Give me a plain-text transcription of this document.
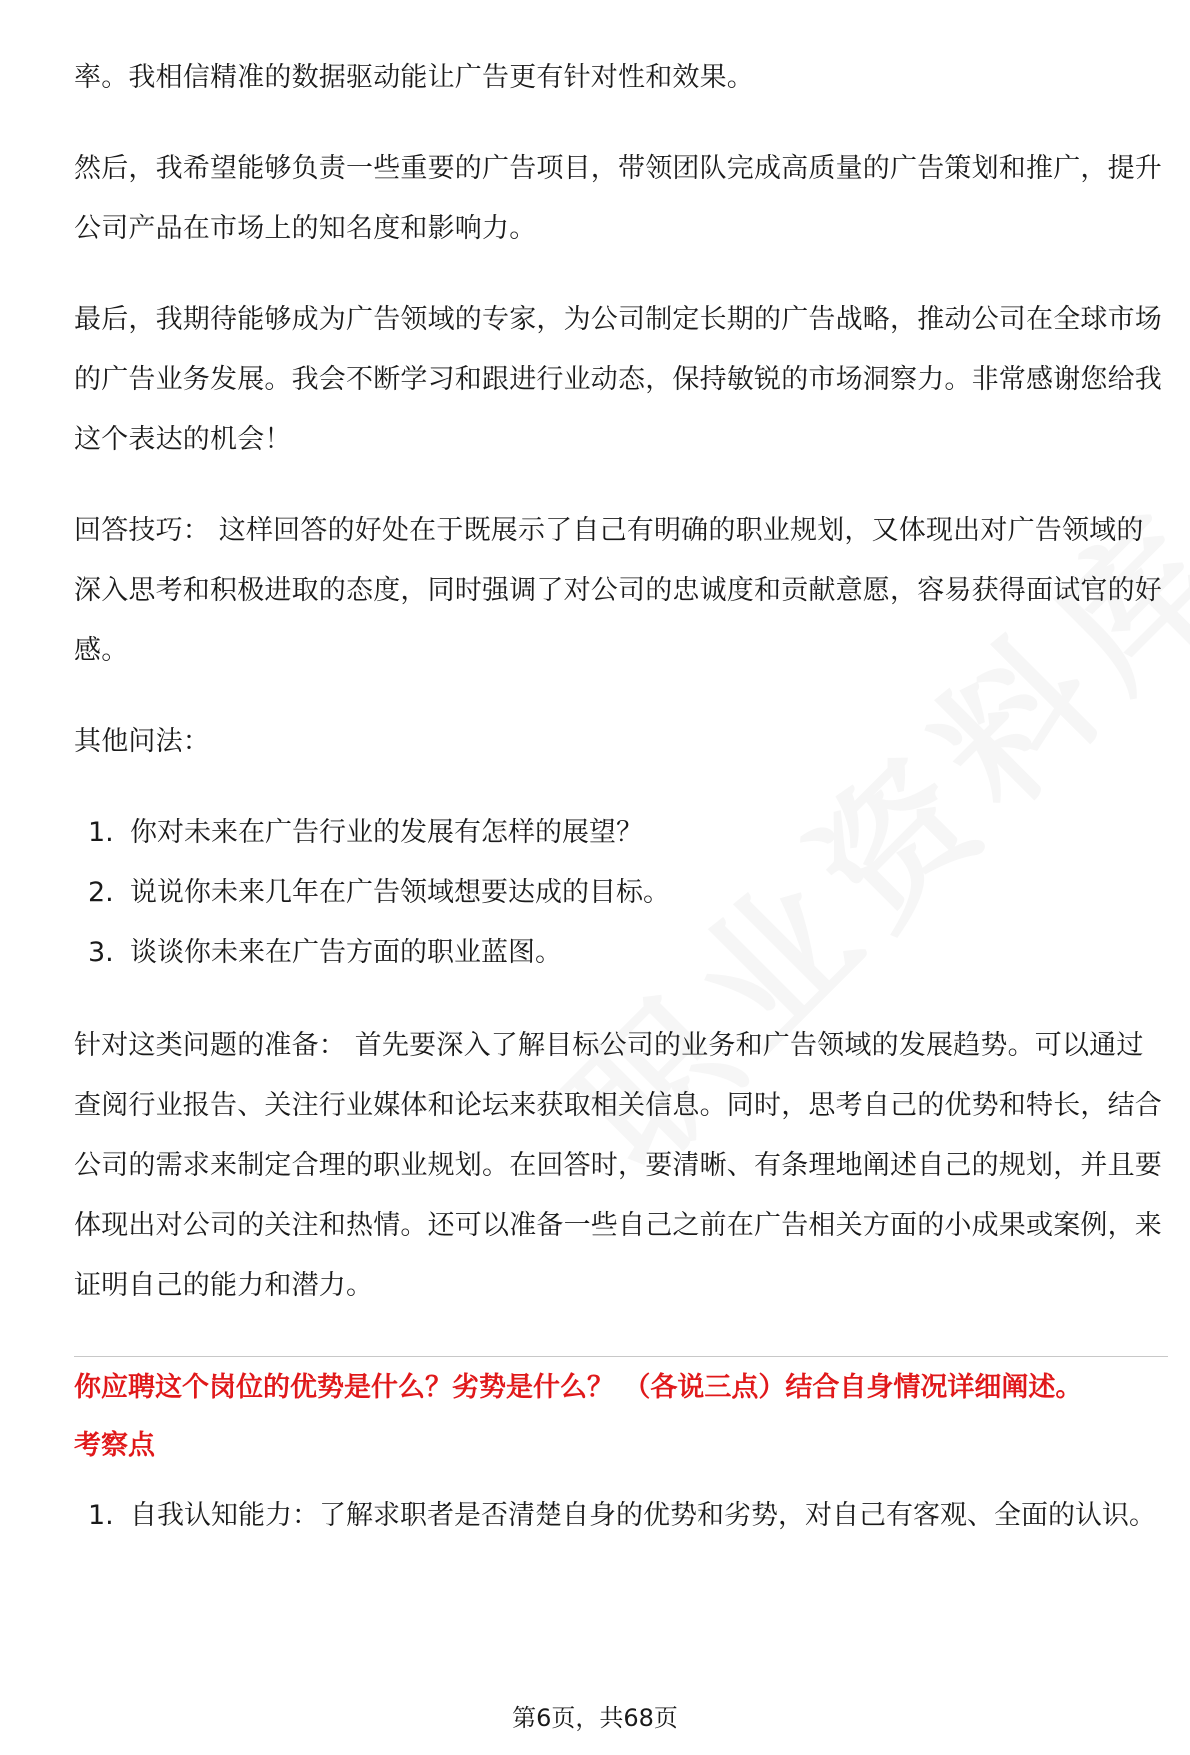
率。我相信精准的数据驱动能让广告更有针对性和效果。

然后，我希望能够负责一些重要的广告项目，带领团队完成高质量的广告策划和推广，提升公司产品在市场上的知名度和影响力。

最后，我期待能够成为广告领域的专家，为公司制定长期的广告战略，推动公司在全球市场的广告业务发展。我会不断学习和跟进行业动态，保持敏锐的市场洞察力。非常感谢您给我这个表达的机会！

回答技巧： 这样回答的好处在于既展示了自己有明确的职业规划，又体现出对广告领域的深入思考和积极进取的态度，同时强调了对公司的忠诚度和贡献意愿，容易获得面试官的好感。

其他问法：

1. 你对未来在广告行业的发展有怎样的展望？
2. 说说你未来几年在广告领域想要达成的目标。
3. 谈谈你未来在广告方面的职业蓝图。

针对这类问题的准备： 首先要深入了解目标公司的业务和广告领域的发展趋势。可以通过查阅行业报告、关注行业媒体和论坛来获取相关信息。同时，思考自己的优势和特长，结合公司的需求来制定合理的职业规划。在回答时，要清晰、有条理地阐述自己的规划，并且要体现出对公司的关注和热情。还可以准备一些自己之前在广告相关方面的小成果或案例，来证明自己的能力和潜力。

你应聘这个岗位的优势是什么？劣势是什么？ （各说三点）结合自身情况详细阐述。
考察点
1. 自我认知能力：了解求职者是否清楚自身的优势和劣势，对自己有客观、全面的认识。
第6页，共68页
